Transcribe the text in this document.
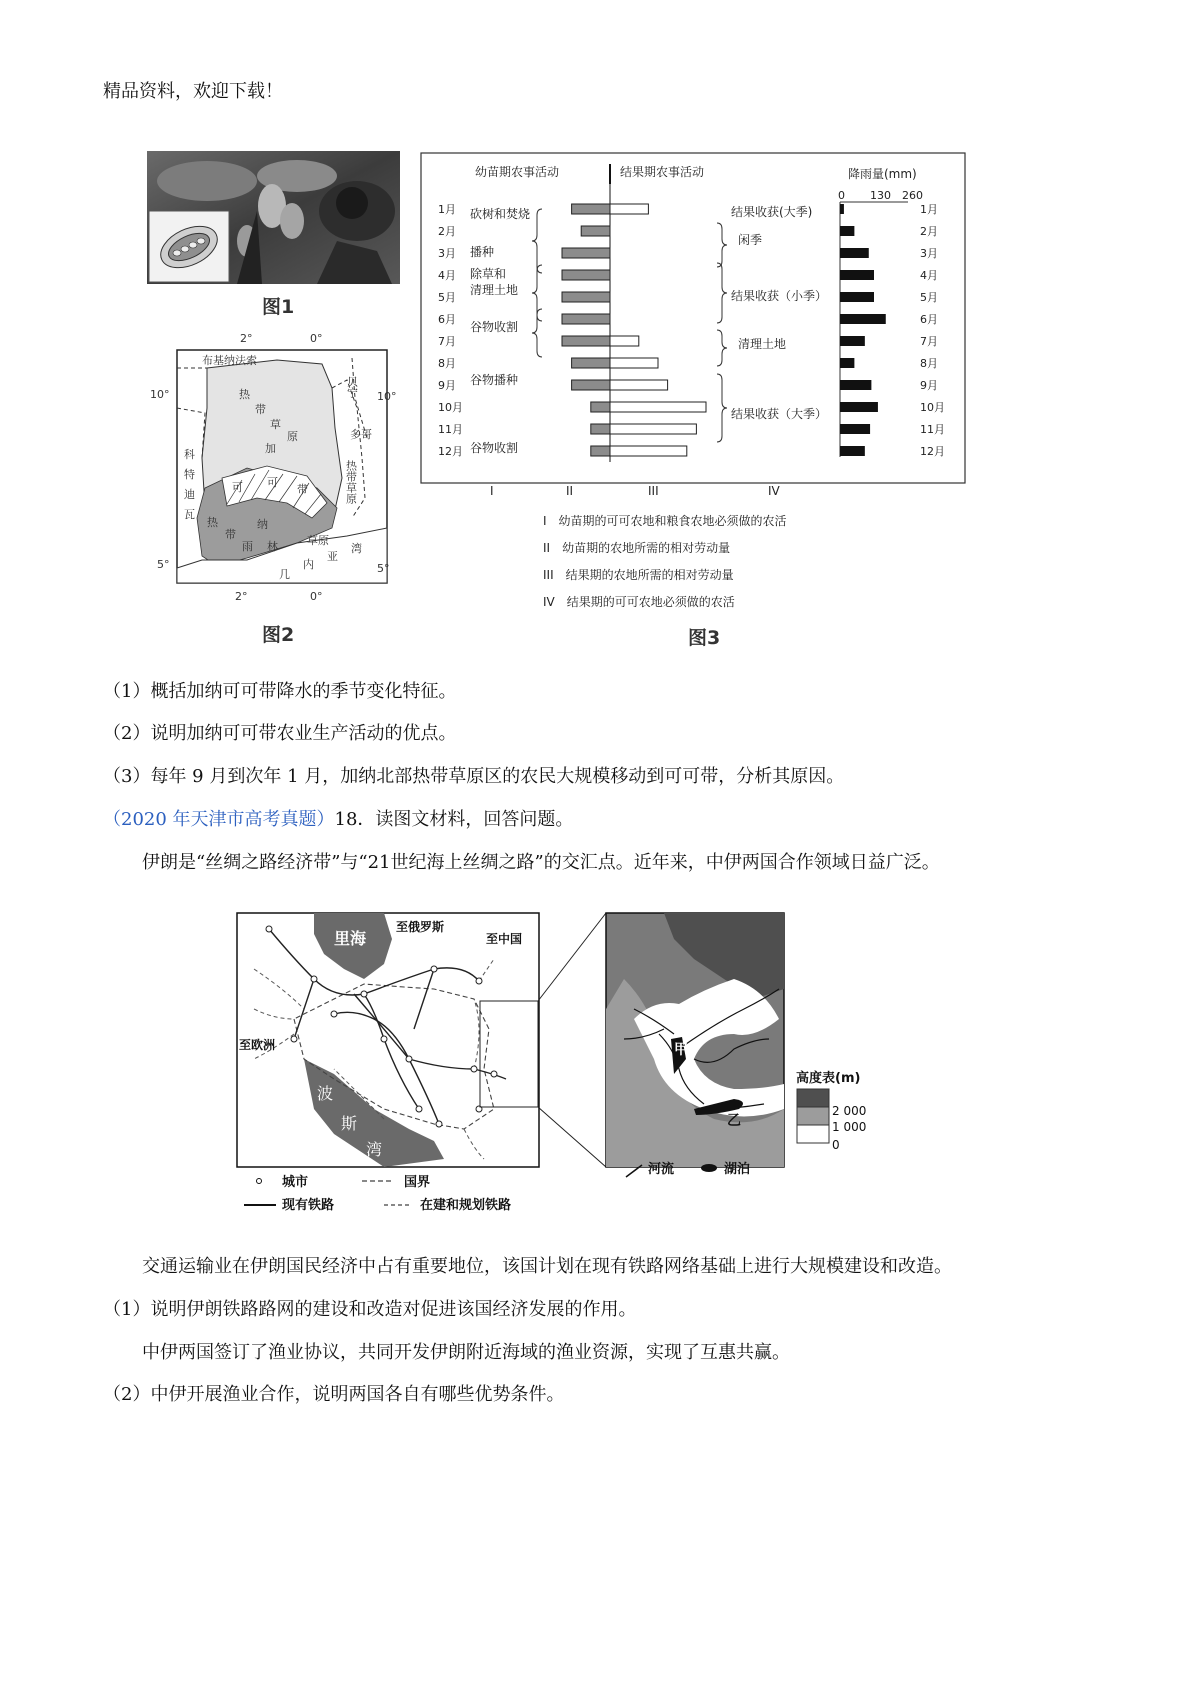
精品资料，欢迎下载！
图1
2°	0°
2°	0°
10°
5°
10°
5°
布基纳法索
贝宁
多哥
科
特
迪
瓦
热
带
草
原
加
可 可
带
热
带
纳
林
雨
几
内
亚
湾
热带草原
草原
图2
幼苗期农事活动	结果期农事活动	降雨量(mm)
0 130 260
1月	1月
2月	2月
3月	3月
4月	4月
5月	5月
6月	6月
7月	7月
8月	8月
9月	9月
10月	10月
11月	11月
12月	12月
砍树和焚烧
播种
除草和
清理土地
谷物收割
谷物播种
谷物收割
结果收获(大季)
闲季
结果收获（小季）
清理土地
结果收获（大季）
I	II	III	IV
I　幼苗期的可可农地和粮食农地必须做的农活
II　幼苗期的农地所需的相对劳动量
III　结果期的农地所需的相对劳动量
IV　结果期的可可农地必须做的农活
图3
（1）概括加纳可可带降水的季节变化特征。
（2）说明加纳可可带农业生产活动的优点。
（3）每年 9 月到次年 1 月，加纳北部热带草原区的农民大规模移动到可可带，分析其原因。
（2020 年天津市高考真题）18．读图文材料，回答问题。
伊朗是“丝绸之路经济带”与“21世纪海上丝绸之路”的交汇点。近年来，中伊两国合作领域日益广泛。
里海
至俄罗斯
至中国
至欧洲
波
斯
湾
甲
乙
高度表(m)
2 000
1 000
0
城市	国界
现有铁路	在建和规划铁路
河流	湖泊
交通运输业在伊朗国民经济中占有重要地位，该国计划在现有铁路网络基础上进行大规模建设和改造。
（1）说明伊朗铁路路网的建设和改造对促进该国经济发展的作用。
中伊两国签订了渔业协议，共同开发伊朗附近海域的渔业资源，实现了互惠共赢。
（2）中伊开展渔业合作，说明两国各自有哪些优势条件。
